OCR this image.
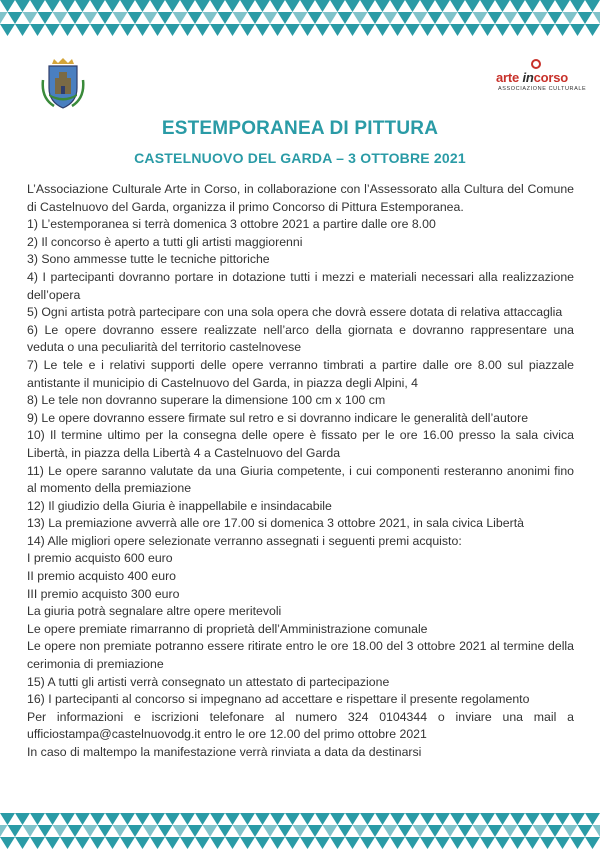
arte incorso
ASSOCIAZIONE CULTURALE
ESTEMPORANEA DI PITTURA
CASTELNUOVO DEL GARDA – 3 OTTOBRE 2021

L’Associazione Culturale Arte in Corso, in collaborazione con l’Assessorato alla Cultura del Comune di Castelnuovo del Garda, organizza il primo Concorso di Pittura Estemporanea.

1) L’estemporanea si terrà domenica 3 ottobre 2021 a partire dalle ore 8.00

2) Il concorso è aperto a tutti gli artisti maggiorenni

3) Sono ammesse tutte le tecniche pittoriche

4) I partecipanti dovranno portare in dotazione tutti i mezzi e materiali necessari alla realizzazione dell’opera

5) Ogni artista potrà partecipare con una sola opera che dovrà essere dotata di relativa attaccaglia

6) Le opere dovranno essere realizzate nell’arco della giornata e dovranno rappresentare una veduta o una peculiarità del territorio castelnovese

7) Le tele e i relativi supporti delle opere verranno timbrati a partire dalle ore 8.00 sul piazzale antistante il municipio di Castelnuovo del Garda, in piazza degli Alpini, 4

8) Le tele non dovranno superare la dimensione 100 cm x 100 cm

9) Le opere dovranno essere firmate sul retro e si dovranno indicare le generalità dell’autore

10) Il termine ultimo per la consegna delle opere è fissato per le ore 16.00 presso la sala civica Libertà, in piazza della Libertà 4 a Castelnuovo del Garda

11) Le opere saranno valutate da una Giuria competente, i cui componenti resteranno anonimi fino al momento della premiazione

12) Il giudizio della Giuria è inappellabile e insindacabile

13) La premiazione avverrà alle ore 17.00 si domenica 3 ottobre 2021, in sala civica Libertà

14) Alle migliori opere selezionate verranno assegnati i seguenti premi acquisto:

I premio acquisto 600 euro

II premio acquisto 400 euro

III premio acquisto 300 euro

La giuria potrà segnalare altre opere meritevoli

Le opere premiate rimarranno di proprietà dell’Amministrazione comunale

Le opere non premiate potranno essere ritirate entro le ore 18.00 del 3 ottobre 2021 al termine della cerimonia di premiazione

15) A tutti gli artisti verrà consegnato un attestato di partecipazione

16) I partecipanti al concorso si impegnano ad accettare e rispettare il presente regolamento

Per informazioni e iscrizioni telefonare al numero 324 0104344 o inviare una mail a ufficiostampa@castelnuovodg.it entro le ore 12.00 del primo ottobre 2021

In caso di maltempo la manifestazione verrà rinviata a data da destinarsi
